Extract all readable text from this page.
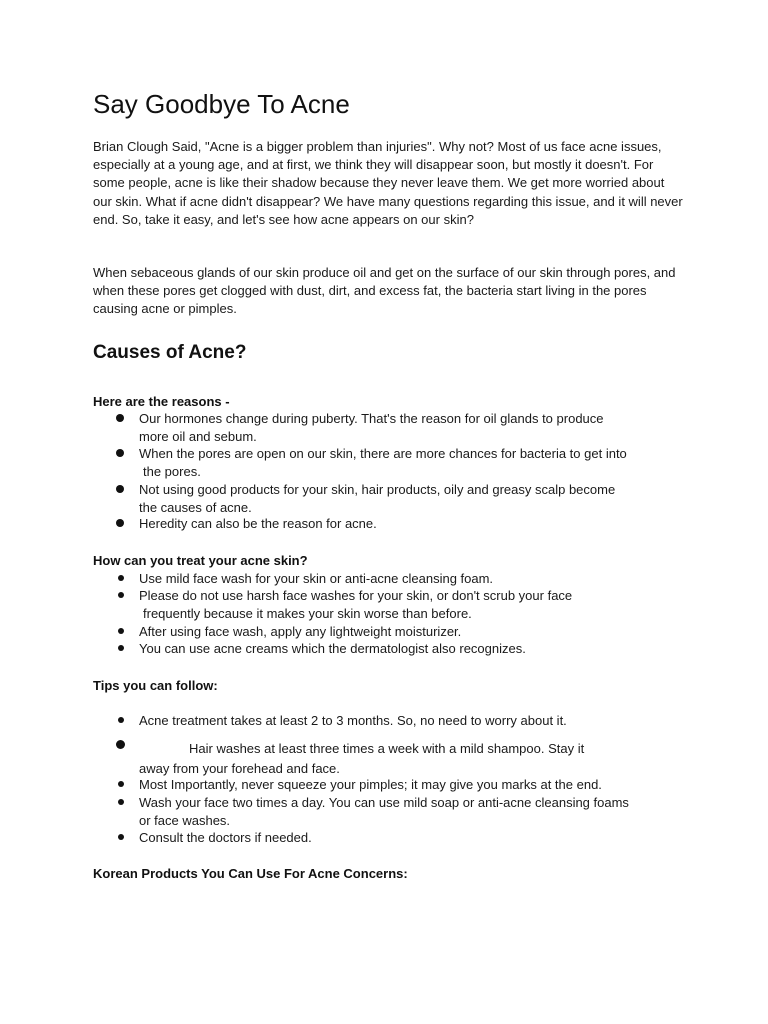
Say Goodbye To Acne

Brian Clough Said, "Acne is a bigger problem than injuries". Why not? Most of us face acne issues, especially at a young age, and at first, we think they will disappear soon, but mostly it doesn't. For some people, acne is like their shadow because they never leave them. We get more worried about our skin. What if acne didn't disappear? We have many questions regarding this issue, and it will never end. So, take it easy, and let's see how acne appears on our skin?

When sebaceous glands of our skin produce oil and get on the surface of our skin through pores, and when these pores get clogged with dust, dirt, and excess fat, the bacteria start living in the pores causing acne or pimples.

Causes of Acne?

Here are the reasons -

Our hormones change during puberty. That's the reason for oil glands to produce
more oil and sebum.

When the pores are open on our skin, there are more chances for bacteria to get into

the pores.

Not using good products for your skin, hair products, oily and greasy scalp become
the causes of acne.

Heredity can also be the reason for acne.

How can you treat your acne skin?

Use mild face wash for your skin or anti-acne cleansing foam.

Please do not use harsh face washes for your skin, or don't scrub your face

frequently because it makes your skin worse than before.

After using face wash, apply any lightweight moisturizer.

You can use acne creams which the dermatologist also recognizes.

Tips you can follow:

Acne treatment takes at least 2 to 3 months. So, no need to worry about it.

Hair washes at least three times a week with a mild shampoo. Stay it
away from your forehead and face.

Most Importantly, never squeeze your pimples; it may give you marks at the end.

Wash your face two times a day. You can use mild soap or anti-acne cleansing foams
or face washes.

Consult the doctors if needed.

Korean Products You Can Use For Acne Concerns:
